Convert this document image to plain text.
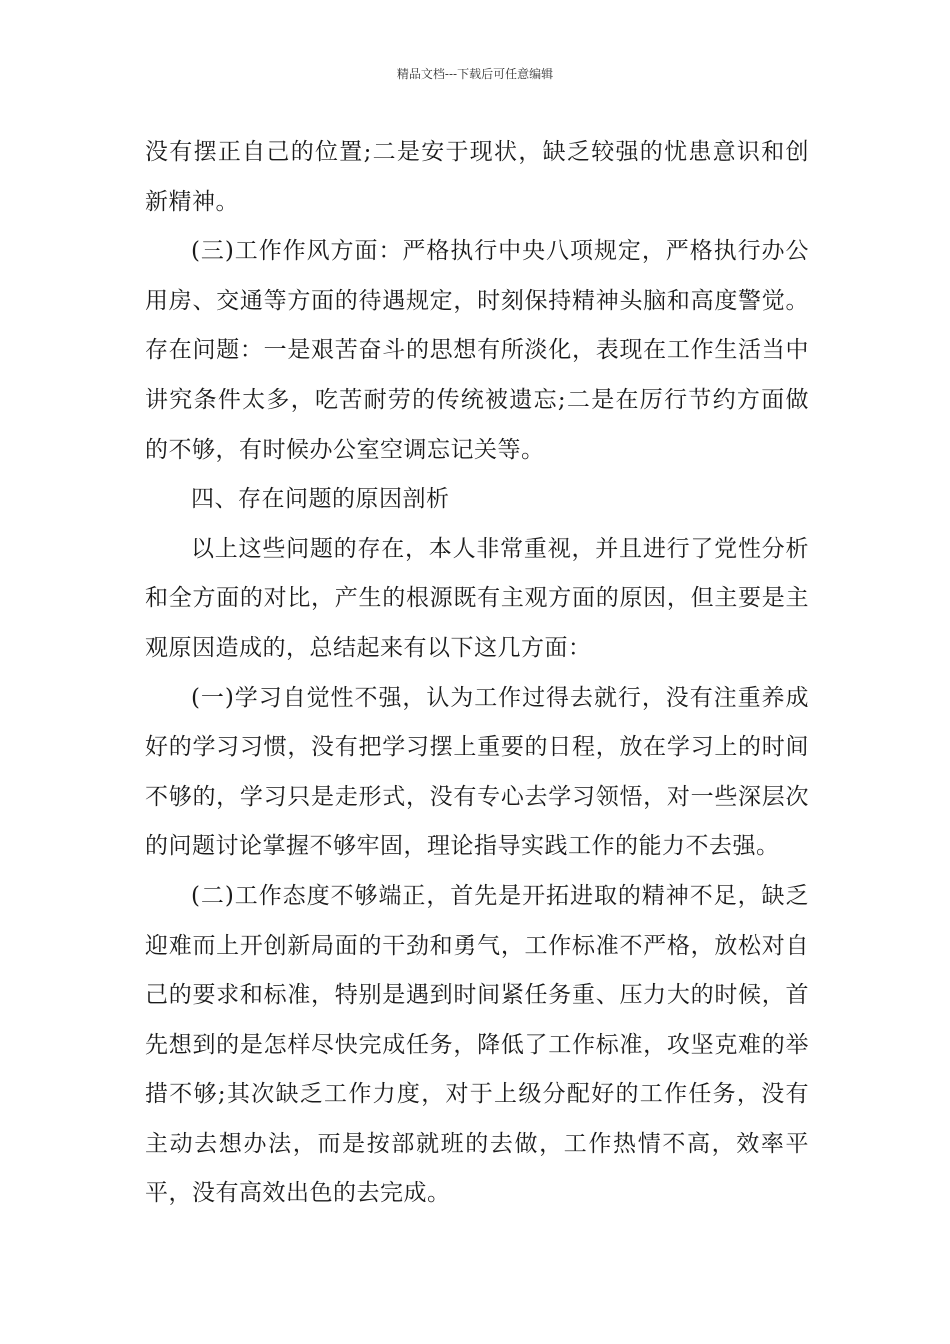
精品文档---下载后可任意编辑

没有摆正自己的位置;二是安于现状，缺乏较强的忧患意识和创新精神。

(三)工作作风方面：严格执行中央八项规定，严格执行办公用房、交通等方面的待遇规定，时刻保持精神头脑和高度警觉。存在问题：一是艰苦奋斗的思想有所淡化，表现在工作生活当中讲究条件太多，吃苦耐劳的传统被遗忘;二是在厉行节约方面做的不够，有时候办公室空调忘记关等。

四、存在问题的原因剖析

以上这些问题的存在，本人非常重视，并且进行了党性分析和全方面的对比，产生的根源既有主观方面的原因，但主要是主观原因造成的，总结起来有以下这几方面：

(一)学习自觉性不强，认为工作过得去就行，没有注重养成好的学习习惯，没有把学习摆上重要的日程，放在学习上的时间不够的，学习只是走形式，没有专心去学习领悟，对一些深层次的问题讨论掌握不够牢固，理论指导实践工作的能力不去强。

(二)工作态度不够端正，首先是开拓进取的精神不足，缺乏迎难而上开创新局面的干劲和勇气，工作标准不严格，放松对自己的要求和标准，特别是遇到时间紧任务重、压力大的时候，首先想到的是怎样尽快完成任务，降低了工作标准，攻坚克难的举措不够;其次缺乏工作力度，对于上级分配好的工作任务，没有主动去想办法，而是按部就班的去做，工作热情不高，效率平平，没有高效出色的去完成。
